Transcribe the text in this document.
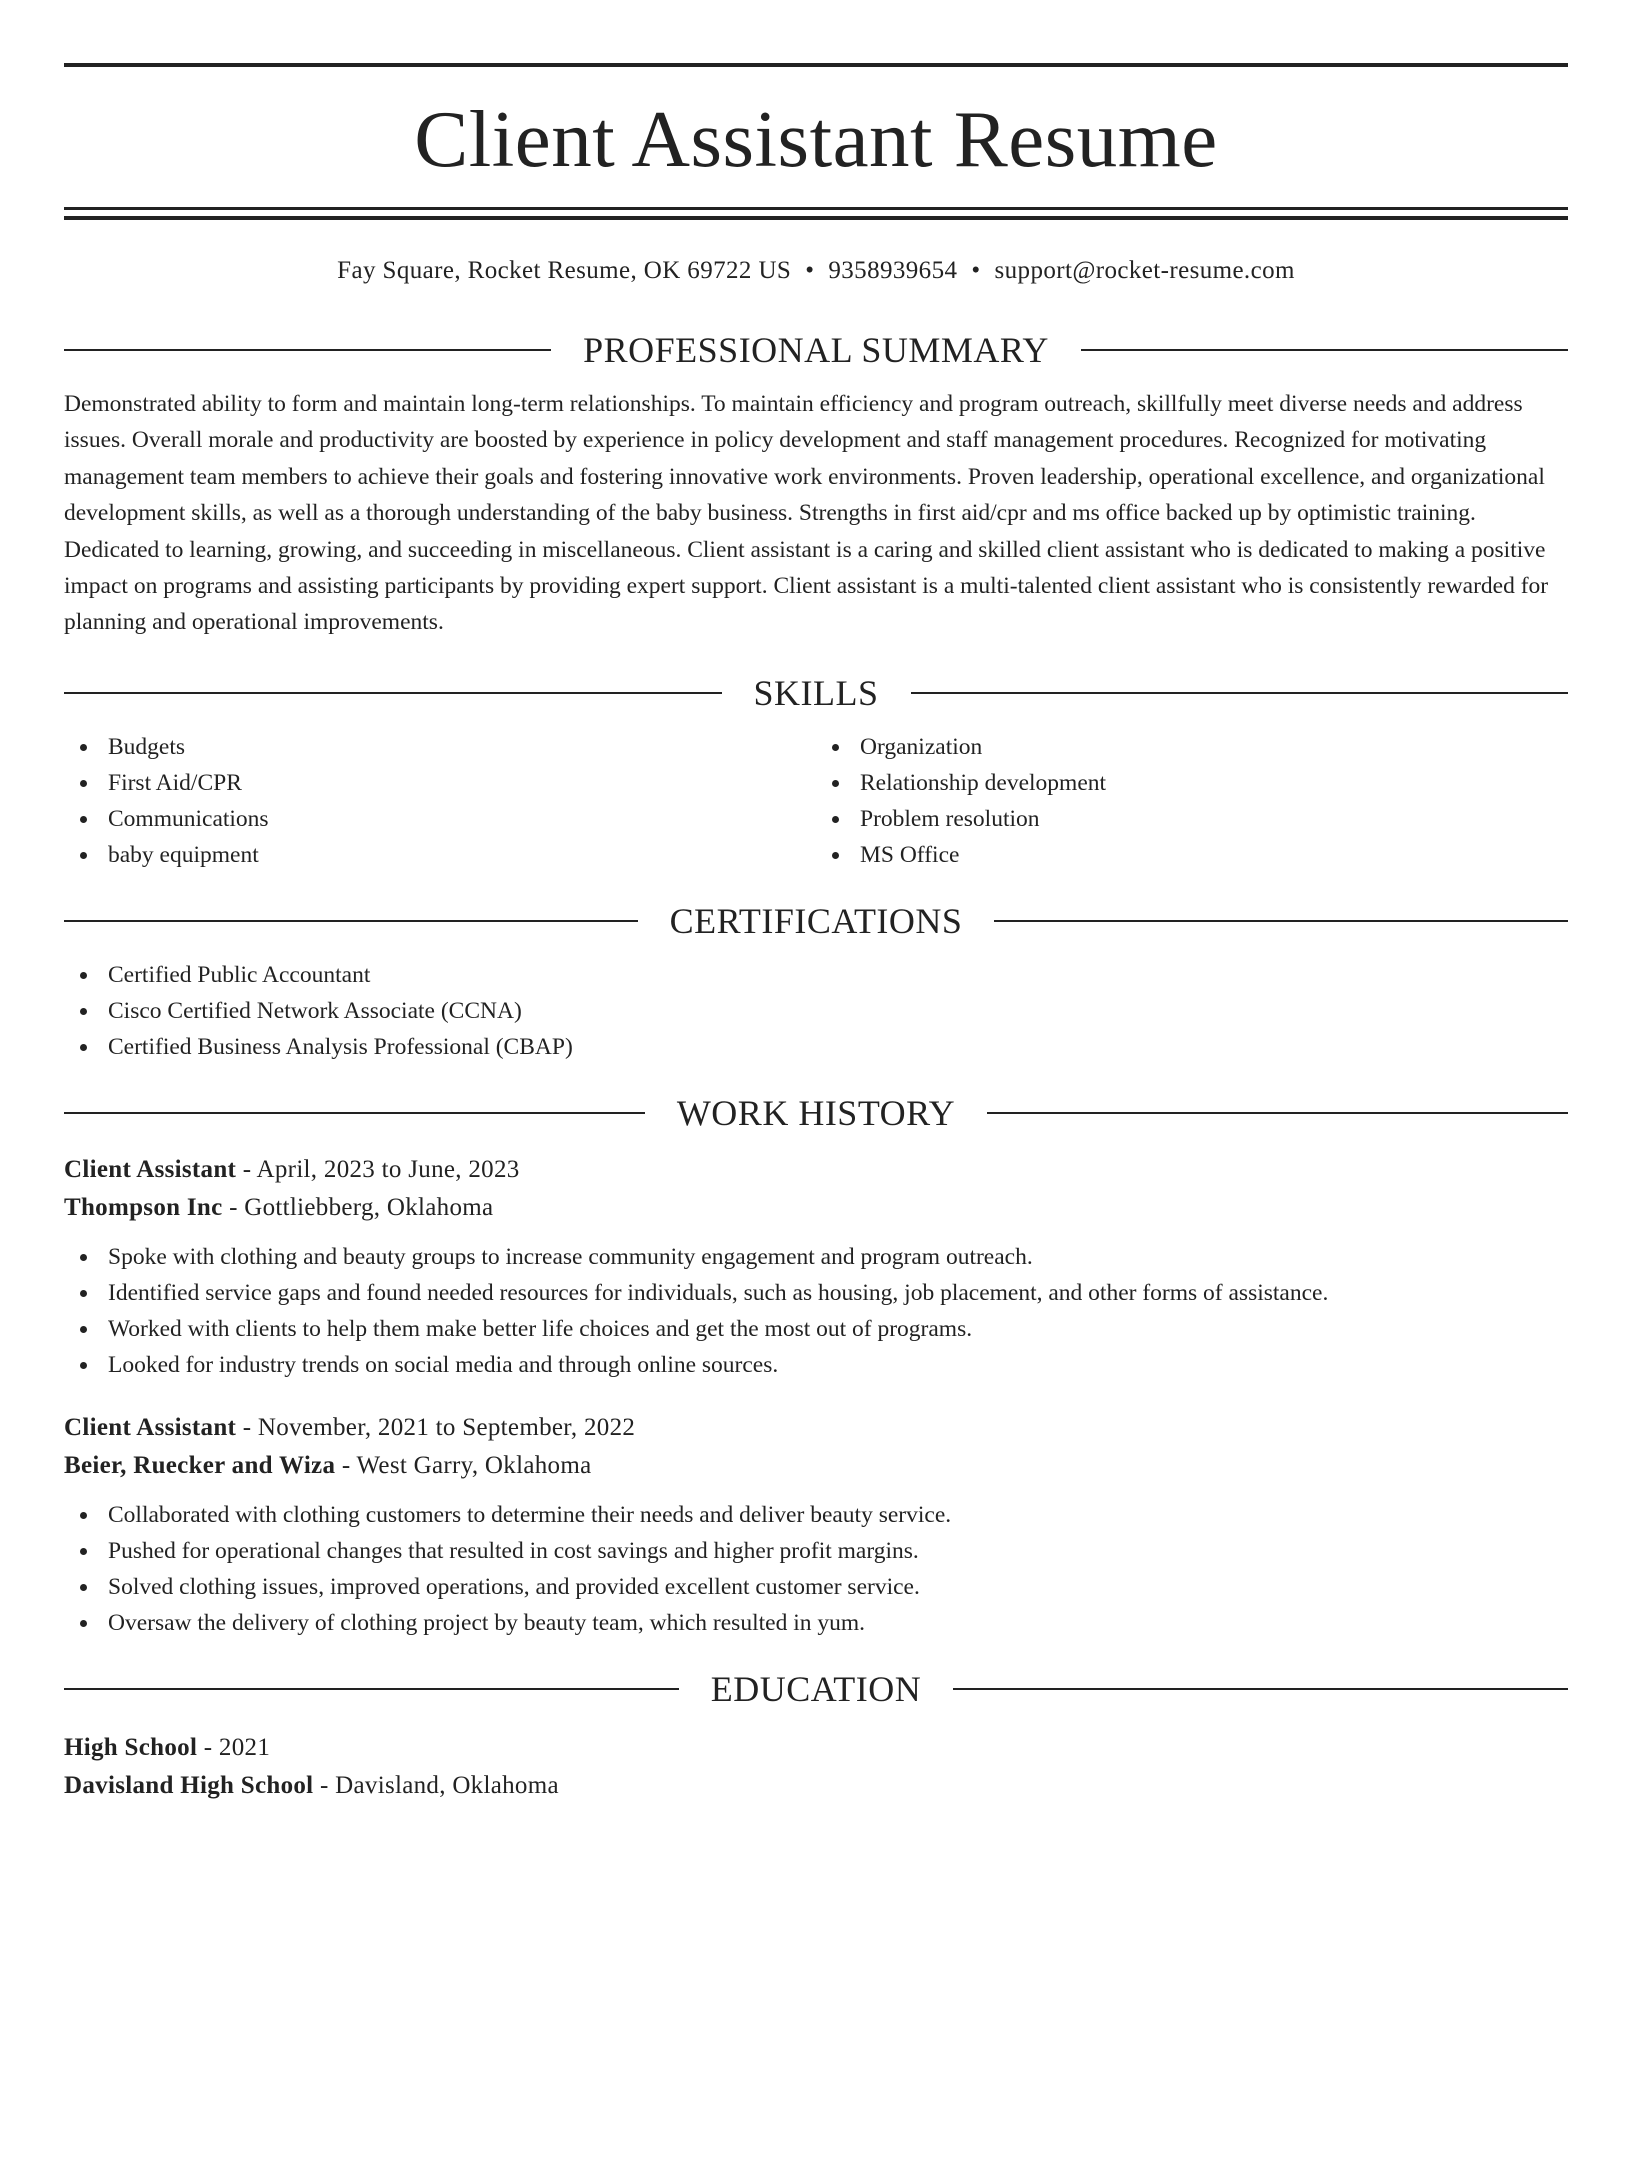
Client Assistant Resume
Fay Square, Rocket Resume, OK 69722 US • 9358939654 • support@rocket-resume.com
PROFESSIONAL SUMMARY
Demonstrated ability to form and maintain long-term relationships. To maintain efficiency and program outreach, skillfully meet diverse needs and address issues. Overall morale and productivity are boosted by experience in policy development and staff management procedures. Recognized for motivating management team members to achieve their goals and fostering innovative work environments. Proven leadership, operational excellence, and organizational development skills, as well as a thorough understanding of the baby business. Strengths in first aid/cpr and ms office backed up by optimistic training. Dedicated to learning, growing, and succeeding in miscellaneous. Client assistant is a caring and skilled client assistant who is dedicated to making a positive impact on programs and assisting participants by providing expert support. Client assistant is a multi-talented client assistant who is consistently rewarded for planning and operational improvements.
SKILLS
Budgets
First Aid/CPR
Communications
baby equipment
Organization
Relationship development
Problem resolution
MS Office
CERTIFICATIONS
Certified Public Accountant
Cisco Certified Network Associate (CCNA)
Certified Business Analysis Professional (CBAP)
WORK HISTORY
Client Assistant - April, 2023 to June, 2023
Thompson Inc - Gottliebberg, Oklahoma
Spoke with clothing and beauty groups to increase community engagement and program outreach.
Identified service gaps and found needed resources for individuals, such as housing, job placement, and other forms of assistance.
Worked with clients to help them make better life choices and get the most out of programs.
Looked for industry trends on social media and through online sources.
Client Assistant - November, 2021 to September, 2022
Beier, Ruecker and Wiza - West Garry, Oklahoma
Collaborated with clothing customers to determine their needs and deliver beauty service.
Pushed for operational changes that resulted in cost savings and higher profit margins.
Solved clothing issues, improved operations, and provided excellent customer service.
Oversaw the delivery of clothing project by beauty team, which resulted in yum.
EDUCATION
High School - 2021
Davisland High School - Davisland, Oklahoma
